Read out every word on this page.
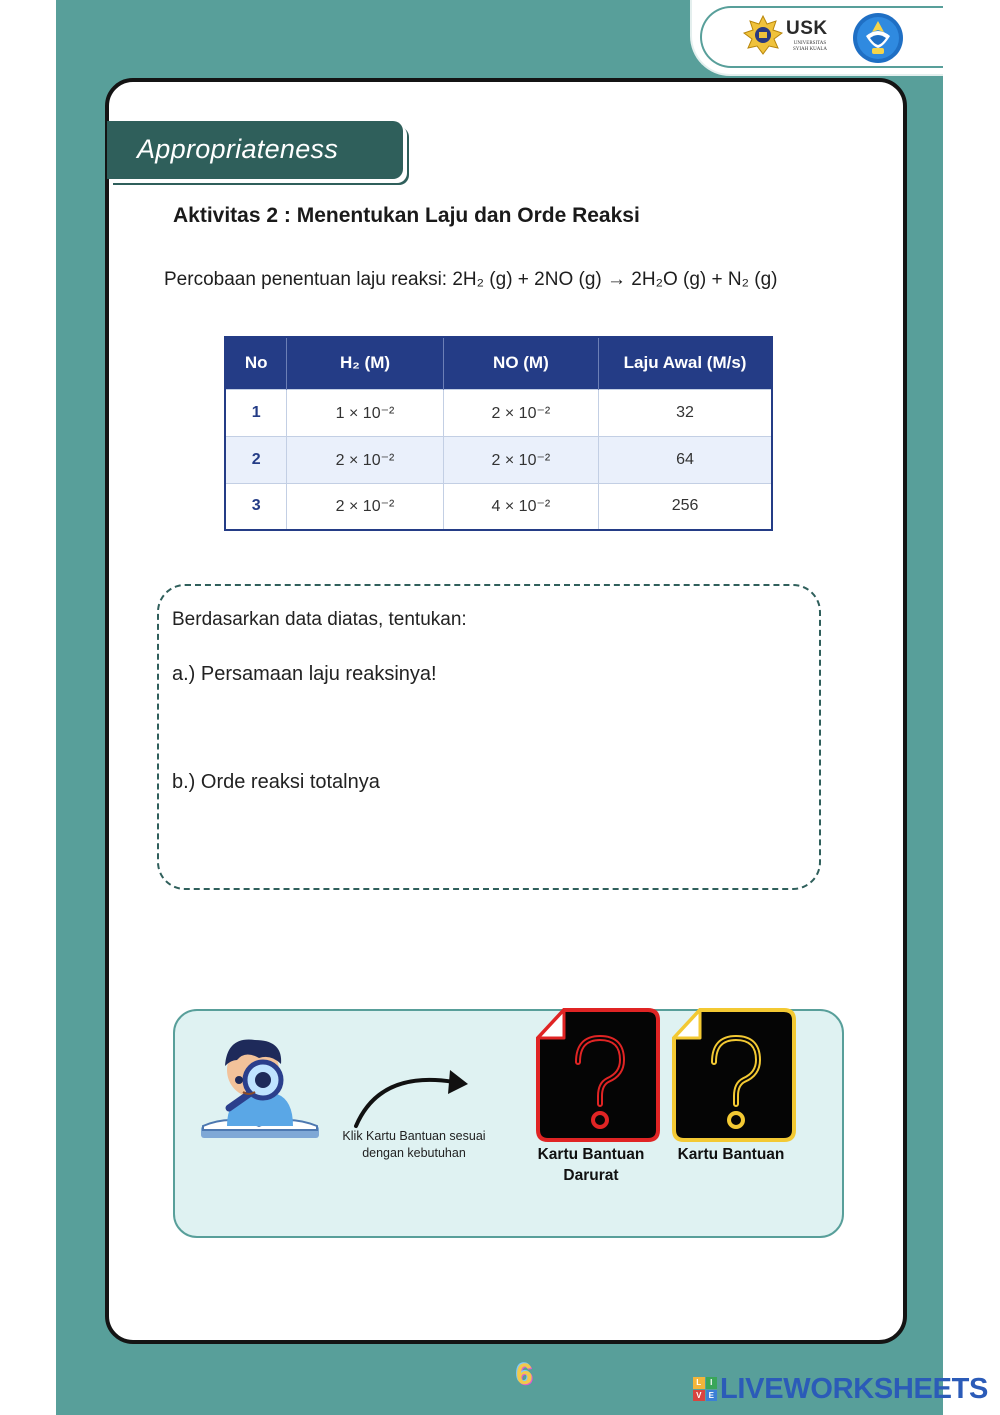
USK
UNIVERSITAS SYIAH KUALA
Appropriateness
Aktivitas 2 : Menentukan Laju dan Orde Reaksi
Percobaan penentuan laju reaksi: 2H₂ (g) + 2NO (g) → 2H₂O (g) + N₂ (g)
No	H₂ (M)	NO (M)	Laju Awal (M/s)
1	1 × 10⁻²	2 × 10⁻²	32
2	2 × 10⁻²	2 × 10⁻²	64
3	2 × 10⁻²	4 × 10⁻²	256
Berdasarkan data diatas, tentukan:
a.) Persamaan laju reaksinya!
b.) Orde reaksi totalnya
Klik Kartu Bantuan sesuai dengan kebutuhan	Kartu Bantuan Darurat
Kartu Bantuan
6	L	I
V E LIVEWORKSHEETS
